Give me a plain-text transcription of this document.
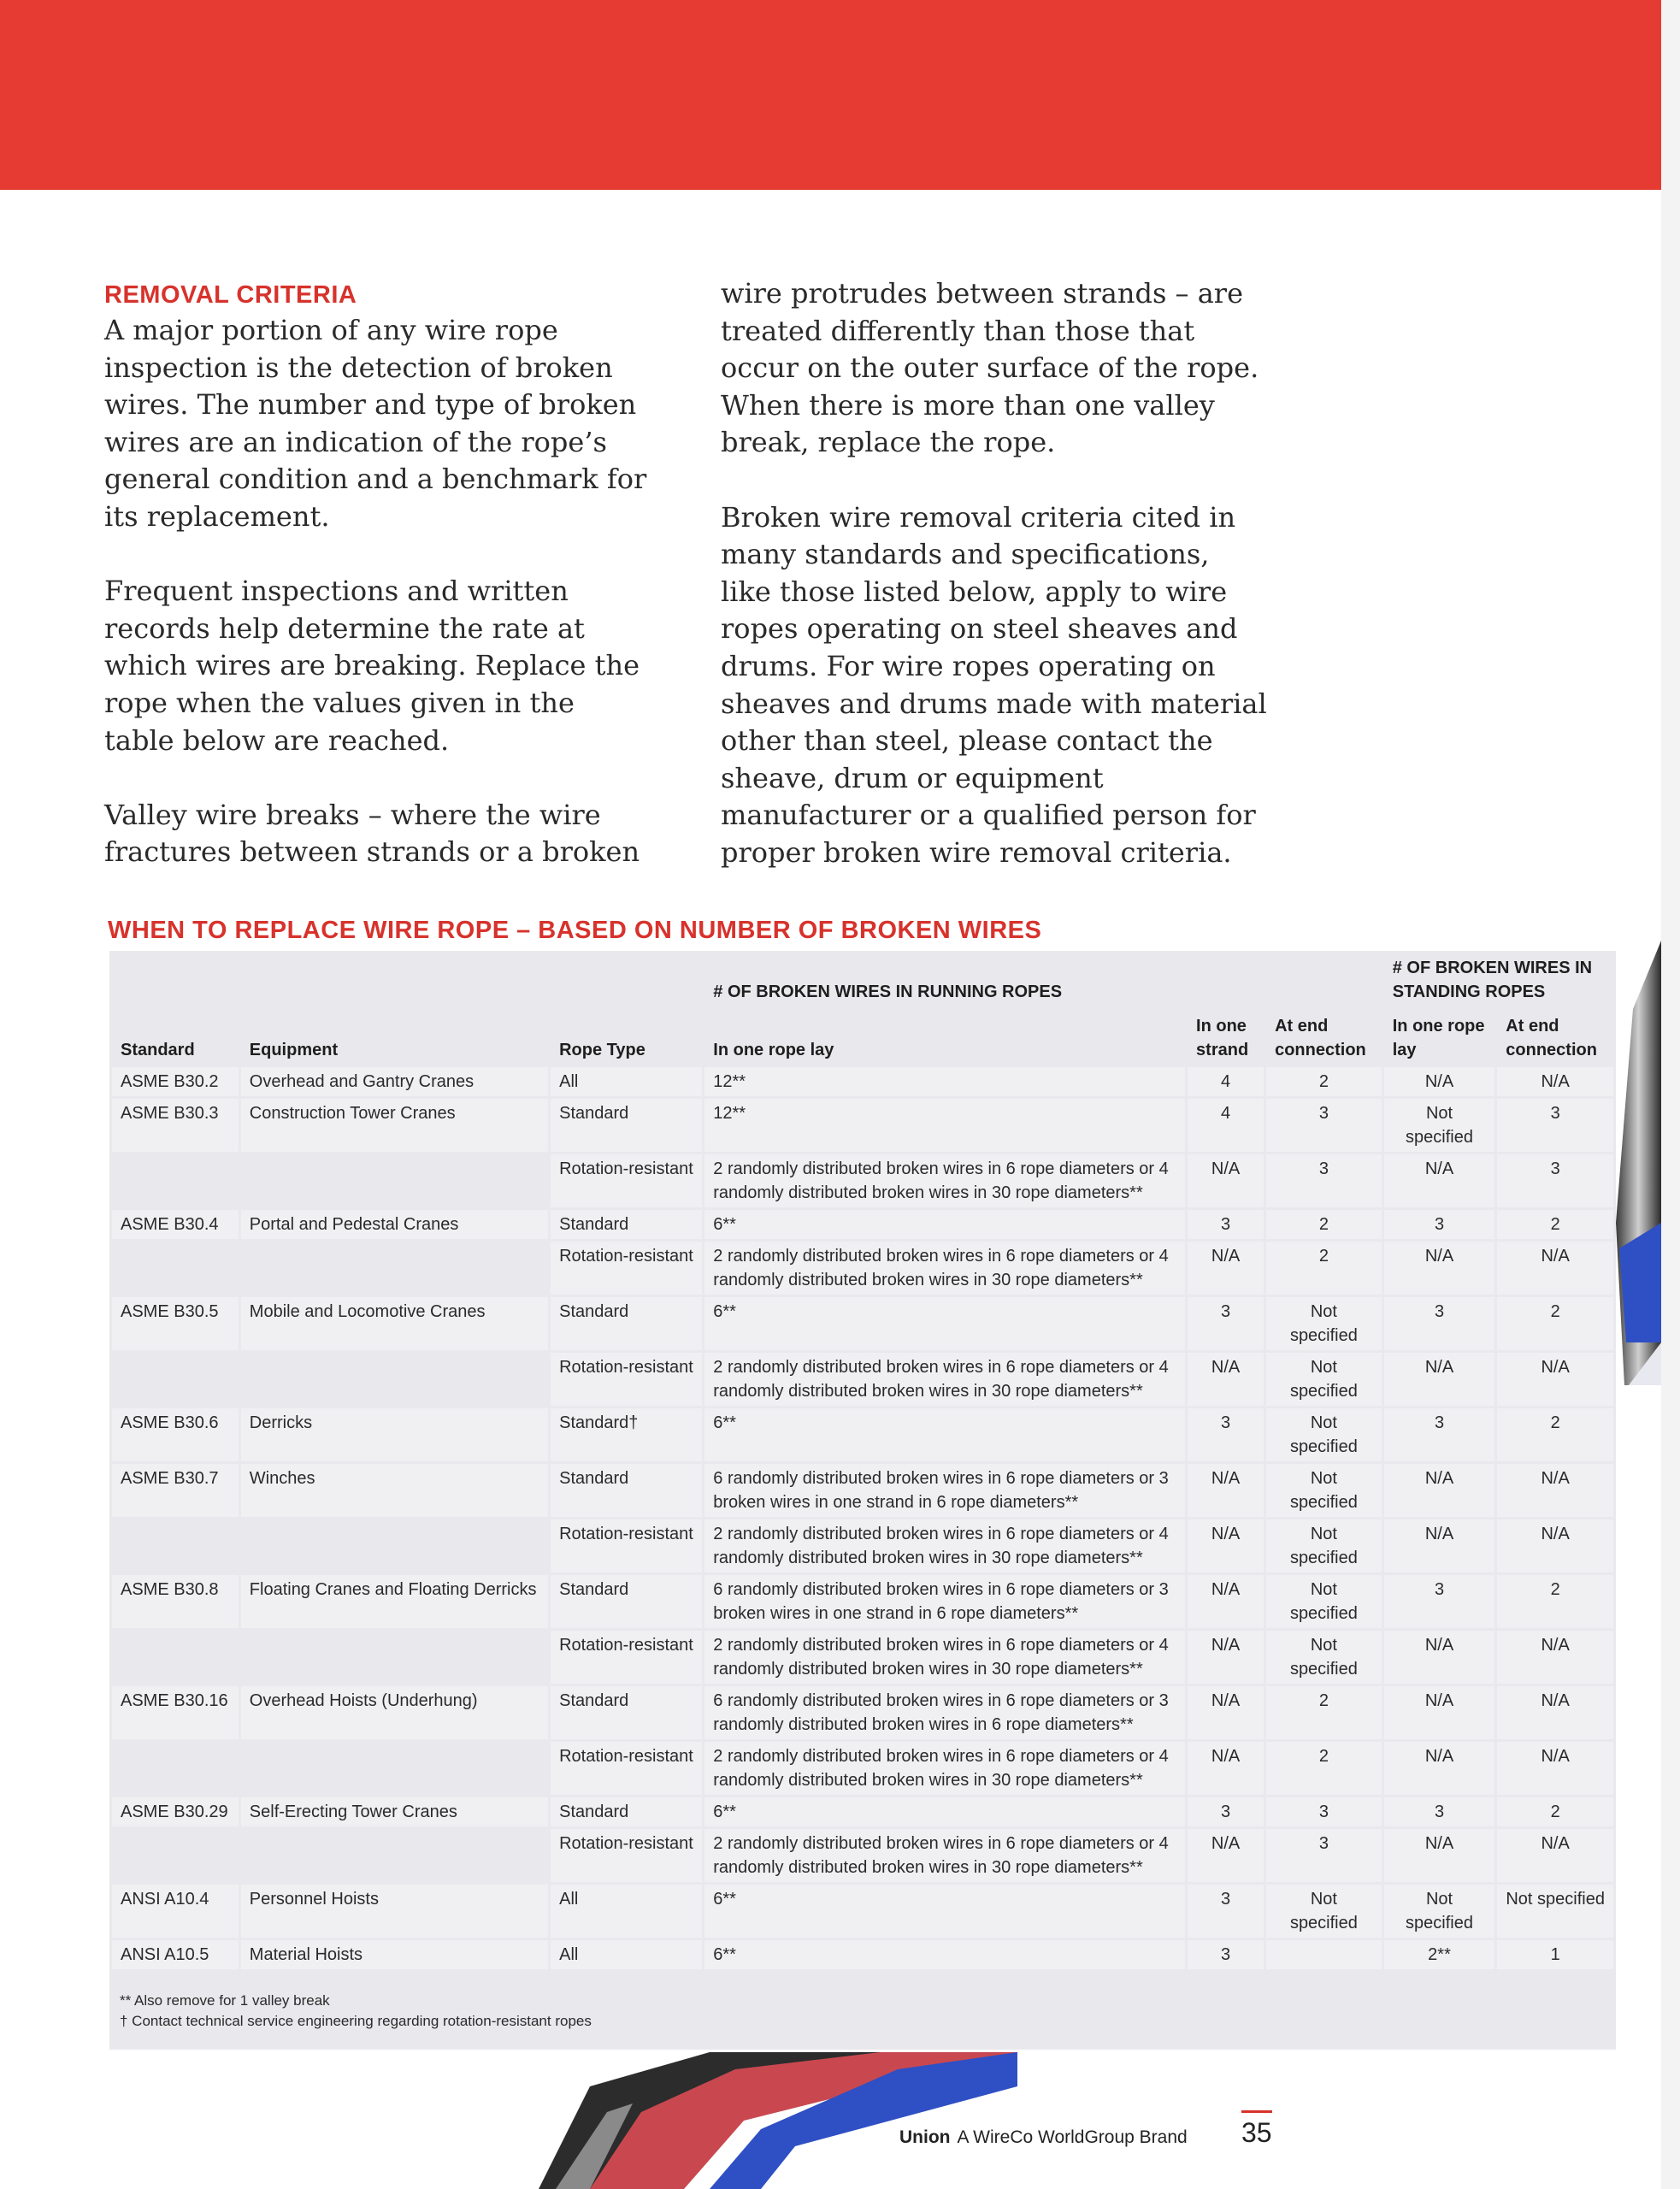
REMOVAL CRITERIA

A major portion of any wire rope inspection is the detection of broken wires. The number and type of broken wires are an indication of the rope’s general condition and a benchmark for its replacement.

Frequent inspections and written records help determine the rate at which wires are breaking. Replace the rope when the values given in the table below are reached.

Valley wire breaks – where the wire fractures between strands or a broken

wire protrudes between strands – are treated differently than those that occur on the outer surface of the rope. When there is more than one valley break, replace the rope.

Broken wire removal criteria cited in many standards and specifications, like those listed below, apply to wire ropes operating on steel sheaves and drums. For wire ropes operating on sheaves and drums made with material other than steel, please contact the sheave, drum or equipment manufacturer or a qualified person for proper broken wire removal criteria.

WHEN TO REPLACE WIRE ROPE – BASED ON NUMBER OF BROKEN WIRES
			# OF BROKEN WIRES IN RUNNING ROPES			# OF BROKEN WIRES IN STANDING ROPES	
Standard	Equipment	Rope Type	In one rope lay	In one strand	At end connection	In one rope lay	At end connection
ASME B30.2	Overhead and Gantry Cranes	All	12**	4	2	N/A	N/A
ASME B30.3	Construction Tower Cranes	Standard	12**	4	3	Not specified	3
		Rotation-resistant	2 randomly distributed broken wires in 6 rope diameters or 4 randomly distributed broken wires in 30 rope diameters**	N/A	3	N/A	3
ASME B30.4	Portal and Pedestal Cranes	Standard	6**	3	2	3	2
		Rotation-resistant	2 randomly distributed broken wires in 6 rope diameters or 4 randomly distributed broken wires in 30 rope diameters**	N/A	2	N/A	N/A
ASME B30.5	Mobile and Locomotive Cranes	Standard	6**	3	Not specified	3	2
		Rotation-resistant	2 randomly distributed broken wires in 6 rope diameters or 4 randomly distributed broken wires in 30 rope diameters**	N/A	Not specified	N/A	N/A
ASME B30.6	Derricks	Standard†	6**	3	Not specified	3	2
ASME B30.7	Winches	Standard	6 randomly distributed broken wires in 6 rope diameters or 3 broken wires in one strand in 6 rope diameters**	N/A	Not specified	N/A	N/A
		Rotation-resistant	2 randomly distributed broken wires in 6 rope diameters or 4 randomly distributed broken wires in 30 rope diameters**	N/A	Not specified	N/A	N/A
ASME B30.8	Floating Cranes and Floating Derricks	Standard	6 randomly distributed broken wires in 6 rope diameters or 3 broken wires in one strand in 6 rope diameters**	N/A	Not specified	3	2
		Rotation-resistant	2 randomly distributed broken wires in 6 rope diameters or 4 randomly distributed broken wires in 30 rope diameters**	N/A	Not specified	N/A	N/A
ASME B30.16	Overhead Hoists (Underhung)	Standard	6 randomly distributed broken wires in 6 rope diameters or 3 randomly distributed broken wires in 6 rope diameters**	N/A	2	N/A	N/A
		Rotation-resistant	2 randomly distributed broken wires in 6 rope diameters or 4 randomly distributed broken wires in 30 rope diameters**	N/A	2	N/A	N/A
ASME B30.29	Self-Erecting Tower Cranes	Standard	6**	3	3	3	2
		Rotation-resistant	2 randomly distributed broken wires in 6 rope diameters or 4 randomly distributed broken wires in 30 rope diameters**	N/A	3	N/A	N/A
ANSI A10.4	Personnel Hoists	All	6**	3	Not specified	Not specified	Not specified
ANSI A10.5	Material Hoists	All	6**	3		2**	1
** Also remove for 1 valley break
† Contact technical service engineering regarding rotation-resistant ropes
Union A WireCo WorldGroup Brand 35
